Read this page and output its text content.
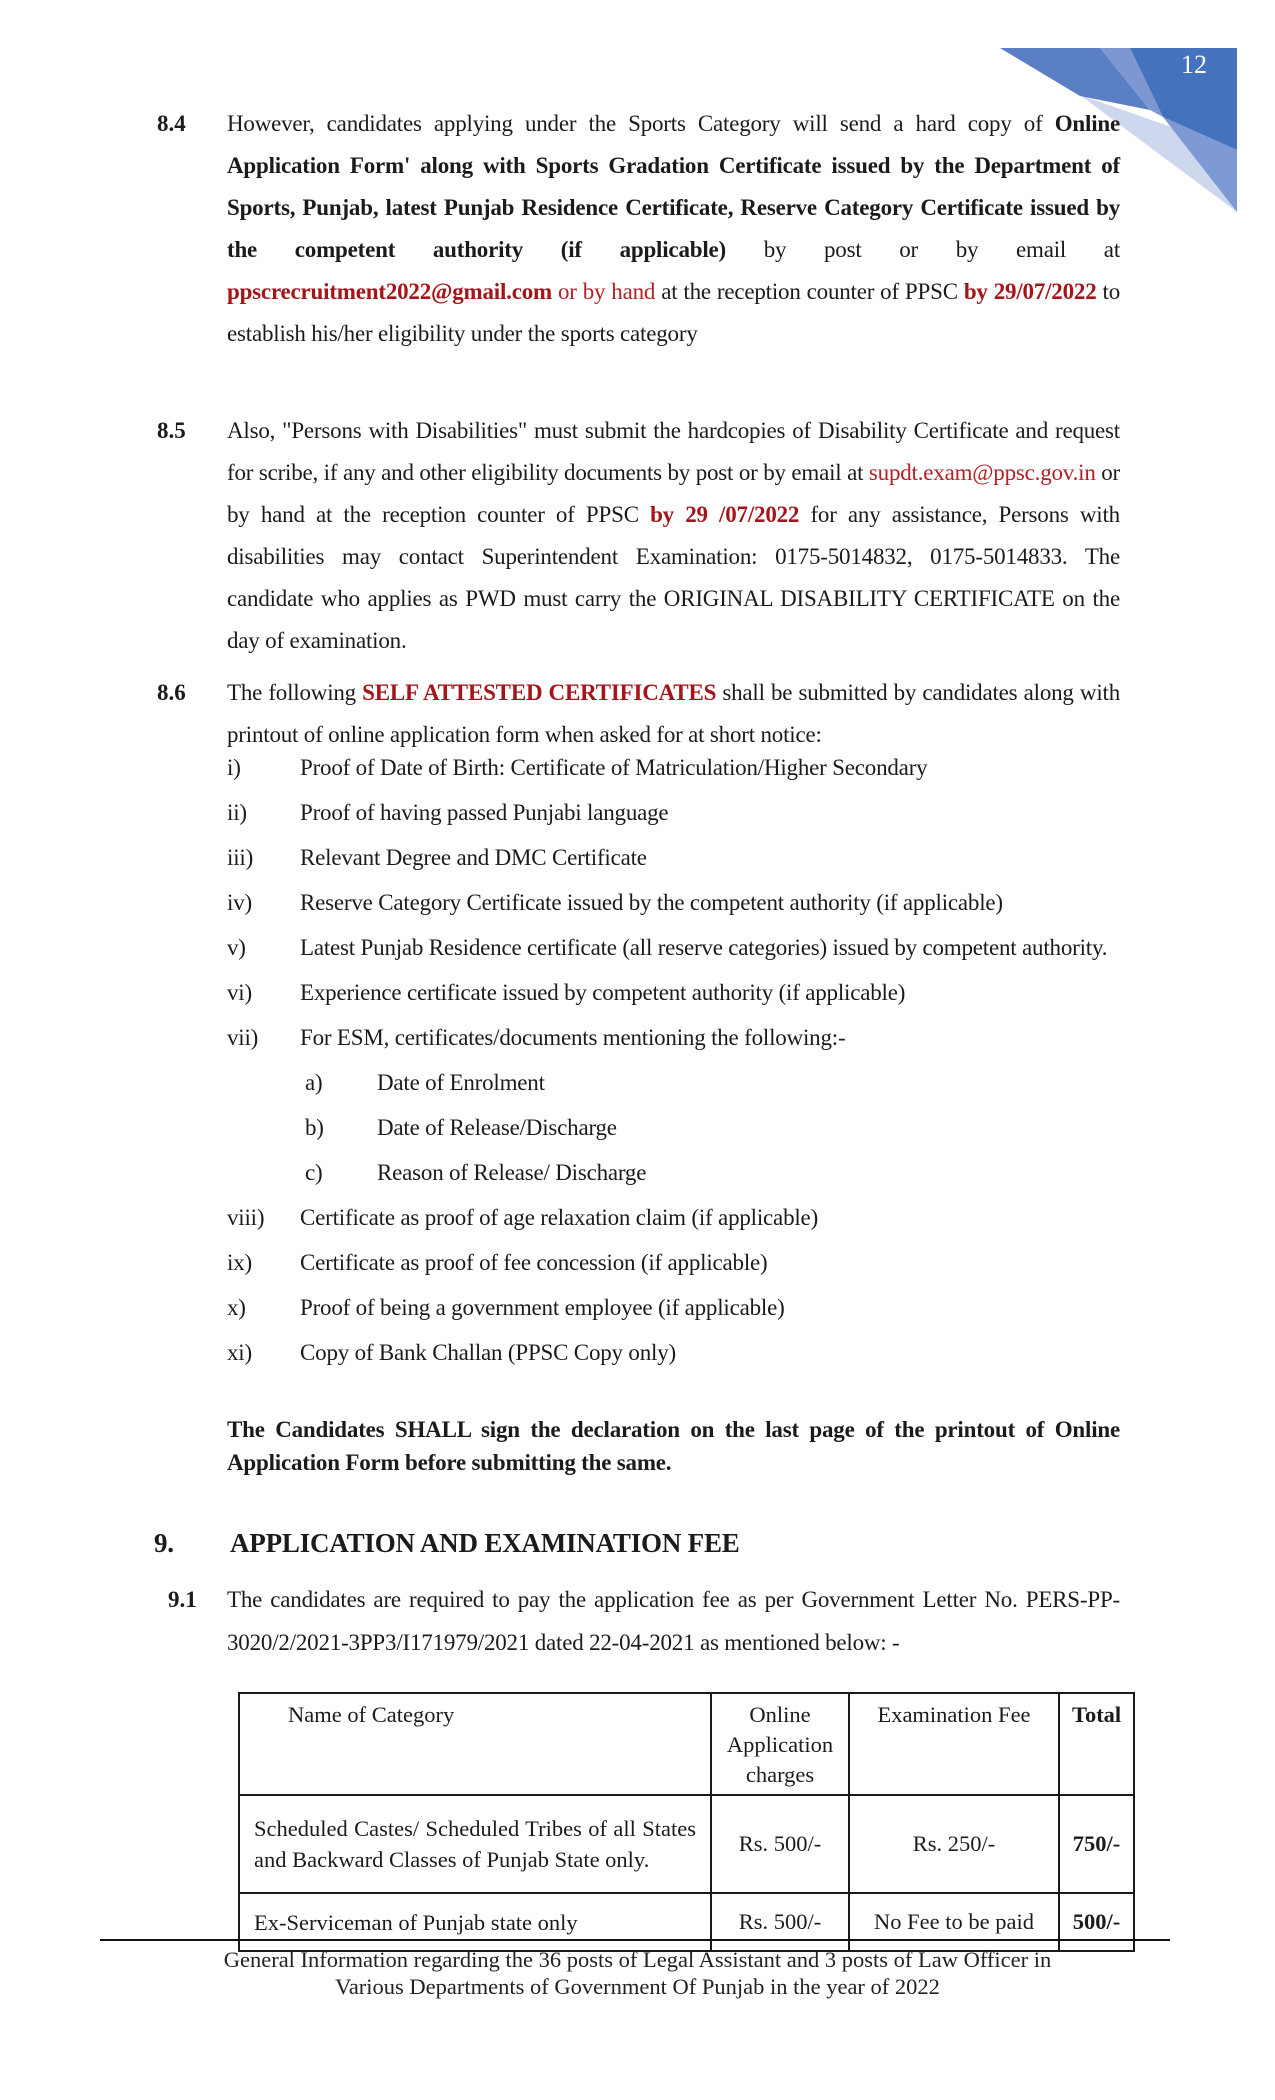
12
8.4 However, candidates applying under the Sports Category will send a hard copy of Online Application Form' along with Sports Gradation Certificate issued by the Department of Sports, Punjab, latest Punjab Residence Certificate, Reserve Category Certificate issued by the competent authority (if applicable) by post or by email at ppscrecruitment2022@gmail.com or by hand at the reception counter of PPSC by 29/07/2022 to establish his/her eligibility under the sports category
8.5 Also, "Persons with Disabilities" must submit the hardcopies of Disability Certificate and request for scribe, if any and other eligibility documents by post or by email at supdt.exam@ppsc.gov.in or by hand at the reception counter of PPSC by 29 /07/2022 for any assistance, Persons with disabilities may contact Superintendent Examination: 0175-5014832, 0175-5014833. The candidate who applies as PWD must carry the ORIGINAL DISABILITY CERTIFICATE on the day of examination.
8.6 The following SELF ATTESTED CERTIFICATES shall be submitted by candidates along with printout of online application form when asked for at short notice:
i)	Proof of Date of Birth: Certificate of Matriculation/Higher Secondary
ii)	Proof of having passed Punjabi language
iii)	Relevant Degree and DMC Certificate
iv)	Reserve Category Certificate issued by the competent authority (if applicable)
v)	Latest Punjab Residence certificate (all reserve categories) issued by competent authority.
vi)	Experience certificate issued by competent authority (if applicable)
vii)	For ESM, certificates/documents mentioning the following:-
a)	Date of Enrolment
b)	Date of Release/Discharge
c)	Reason of Release/ Discharge
viii)	Certificate as proof of age relaxation claim (if applicable)
ix)	Certificate as proof of fee concession (if applicable)
x)	Proof of being a government employee (if applicable)
xi)	Copy of Bank Challan (PPSC Copy only)
The Candidates SHALL sign the declaration on the last page of the printout of Online Application Form before submitting the same.
9.	APPLICATION AND EXAMINATION FEE
9.1 The candidates are required to pay the application fee as per Government Letter No. PERS-PP-3020/2/2021-3PP3/I171979/2021 dated 22-04-2021 as mentioned below: -
Name of Category	Online Application charges	Examination Fee	Total
Scheduled Castes/ Scheduled Tribes of all States and Backward Classes of Punjab State only.	Rs. 500/-	Rs. 250/-	750/-
Ex-Serviceman of Punjab state only	Rs. 500/-	No Fee to be paid	500/-
General Information regarding the 36 posts of Legal Assistant and 3 posts of Law Officer in
Various Departments of Government Of Punjab in the year of 2022
